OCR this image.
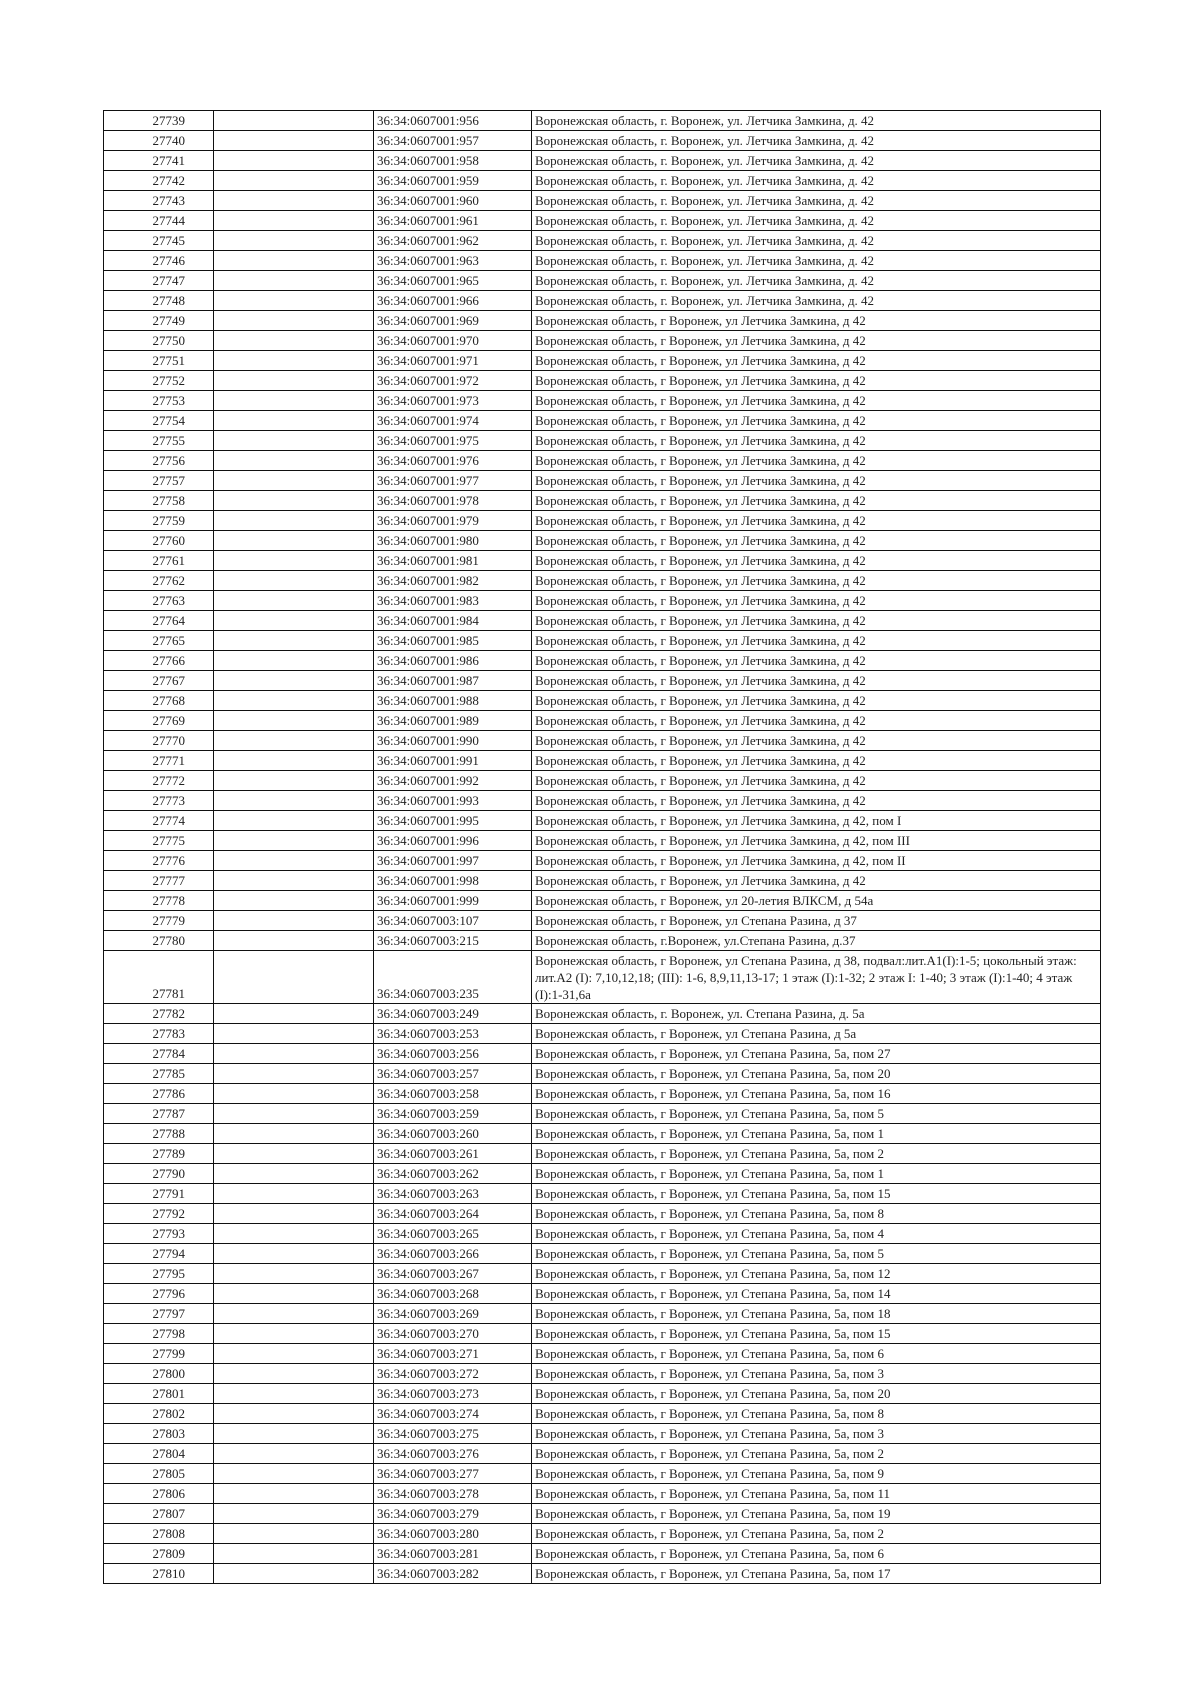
27739		36:34:0607001:956	Воронежская область, г. Воронеж, ул. Летчика Замкина, д. 42
27740		36:34:0607001:957	Воронежская область, г. Воронеж, ул. Летчика Замкина, д. 42
27741		36:34:0607001:958	Воронежская область, г. Воронеж, ул. Летчика Замкина, д. 42
27742		36:34:0607001:959	Воронежская область, г. Воронеж, ул. Летчика Замкина, д. 42
27743		36:34:0607001:960	Воронежская область, г. Воронеж, ул. Летчика Замкина, д. 42
27744		36:34:0607001:961	Воронежская область, г. Воронеж, ул. Летчика Замкина, д. 42
27745		36:34:0607001:962	Воронежская область, г. Воронеж, ул. Летчика Замкина, д. 42
27746		36:34:0607001:963	Воронежская область, г. Воронеж, ул. Летчика Замкина, д. 42
27747		36:34:0607001:965	Воронежская область, г. Воронеж, ул. Летчика Замкина, д. 42
27748		36:34:0607001:966	Воронежская область, г. Воронеж, ул. Летчика Замкина, д. 42
27749		36:34:0607001:969	Воронежская область, г Воронеж, ул Летчика Замкина, д 42
27750		36:34:0607001:970	Воронежская область, г Воронеж, ул Летчика Замкина, д 42
27751		36:34:0607001:971	Воронежская область, г Воронеж, ул Летчика Замкина, д 42
27752		36:34:0607001:972	Воронежская область, г Воронеж, ул Летчика Замкина, д 42
27753		36:34:0607001:973	Воронежская область, г Воронеж, ул Летчика Замкина, д 42
27754		36:34:0607001:974	Воронежская область, г Воронеж, ул Летчика Замкина, д 42
27755		36:34:0607001:975	Воронежская область, г Воронеж, ул Летчика Замкина, д 42
27756		36:34:0607001:976	Воронежская область, г Воронеж, ул Летчика Замкина, д 42
27757		36:34:0607001:977	Воронежская область, г Воронеж, ул Летчика Замкина, д 42
27758		36:34:0607001:978	Воронежская область, г Воронеж, ул Летчика Замкина, д 42
27759		36:34:0607001:979	Воронежская область, г Воронеж, ул Летчика Замкина, д 42
27760		36:34:0607001:980	Воронежская область, г Воронеж, ул Летчика Замкина, д 42
27761		36:34:0607001:981	Воронежская область, г Воронеж, ул Летчика Замкина, д 42
27762		36:34:0607001:982	Воронежская область, г Воронеж, ул Летчика Замкина, д 42
27763		36:34:0607001:983	Воронежская область, г Воронеж, ул Летчика Замкина, д 42
27764		36:34:0607001:984	Воронежская область, г Воронеж, ул Летчика Замкина, д 42
27765		36:34:0607001:985	Воронежская область, г Воронеж, ул Летчика Замкина, д 42
27766		36:34:0607001:986	Воронежская область, г Воронеж, ул Летчика Замкина, д 42
27767		36:34:0607001:987	Воронежская область, г Воронеж, ул Летчика Замкина, д 42
27768		36:34:0607001:988	Воронежская область, г Воронеж, ул Летчика Замкина, д 42
27769		36:34:0607001:989	Воронежская область, г Воронеж, ул Летчика Замкина, д 42
27770		36:34:0607001:990	Воронежская область, г Воронеж, ул Летчика Замкина, д 42
27771		36:34:0607001:991	Воронежская область, г Воронеж, ул Летчика Замкина, д 42
27772		36:34:0607001:992	Воронежская область, г Воронеж, ул Летчика Замкина, д 42
27773		36:34:0607001:993	Воронежская область, г Воронеж, ул Летчика Замкина, д 42
27774		36:34:0607001:995	Воронежская область, г Воронеж, ул Летчика Замкина, д 42, пом I
27775		36:34:0607001:996	Воронежская область, г Воронеж, ул Летчика Замкина, д 42, пом III
27776		36:34:0607001:997	Воронежская область, г Воронеж, ул Летчика Замкина, д 42, пом II
27777		36:34:0607001:998	Воронежская область, г Воронеж, ул Летчика Замкина, д 42
27778		36:34:0607001:999	Воронежская область, г Воронеж, ул 20-летия ВЛКСМ, д 54а
27779		36:34:0607003:107	Воронежская область, г Воронеж, ул Степана Разина, д 37
27780		36:34:0607003:215	Воронежская область, г.Воронеж, ул.Степана Разина, д.37
27781		36:34:0607003:235	Воронежская область, г Воронеж, ул Степана Разина, д 38, подвал:лит.А1(I):1-5; цокольный этаж: лит.А2 (I): 7,10,12,18; (III): 1-6, 8,9,11,13-17; 1 этаж (I):1-32; 2 этаж I: 1-40; 3 этаж (I):1-40; 4 этаж (I):1-31,6а
27782		36:34:0607003:249	Воронежская область, г. Воронеж, ул. Степана Разина, д. 5а
27783		36:34:0607003:253	Воронежская область, г Воронеж, ул Степана Разина, д 5а
27784		36:34:0607003:256	Воронежская область, г Воронеж, ул Степана Разина, 5а, пом 27
27785		36:34:0607003:257	Воронежская область, г Воронеж, ул Степана Разина, 5а, пом 20
27786		36:34:0607003:258	Воронежская область, г Воронеж, ул Степана Разина, 5а, пом 16
27787		36:34:0607003:259	Воронежская область, г Воронеж, ул Степана Разина, 5а, пом 5
27788		36:34:0607003:260	Воронежская область, г Воронеж, ул Степана Разина, 5а, пом 1
27789		36:34:0607003:261	Воронежская область, г Воронеж, ул Степана Разина, 5а, пом 2
27790		36:34:0607003:262	Воронежская область, г Воронеж, ул Степана Разина, 5а, пом 1
27791		36:34:0607003:263	Воронежская область, г Воронеж, ул Степана Разина, 5а, пом 15
27792		36:34:0607003:264	Воронежская область, г Воронеж, ул Степана Разина, 5а, пом 8
27793		36:34:0607003:265	Воронежская область, г Воронеж, ул Степана Разина, 5а, пом 4
27794		36:34:0607003:266	Воронежская область, г Воронеж, ул Степана Разина, 5а, пом 5
27795		36:34:0607003:267	Воронежская область, г Воронеж, ул Степана Разина, 5а, пом 12
27796		36:34:0607003:268	Воронежская область, г Воронеж, ул Степана Разина, 5а, пом 14
27797		36:34:0607003:269	Воронежская область, г Воронеж, ул Степана Разина, 5а, пом 18
27798		36:34:0607003:270	Воронежская область, г Воронеж, ул Степана Разина, 5а, пом 15
27799		36:34:0607003:271	Воронежская область, г Воронеж, ул Степана Разина, 5а, пом 6
27800		36:34:0607003:272	Воронежская область, г Воронеж, ул Степана Разина, 5а, пом 3
27801		36:34:0607003:273	Воронежская область, г Воронеж, ул Степана Разина, 5а, пом 20
27802		36:34:0607003:274	Воронежская область, г Воронеж, ул Степана Разина, 5а, пом 8
27803		36:34:0607003:275	Воронежская область, г Воронеж, ул Степана Разина, 5а, пом 3
27804		36:34:0607003:276	Воронежская область, г Воронеж, ул Степана Разина, 5а, пом 2
27805		36:34:0607003:277	Воронежская область, г Воронеж, ул Степана Разина, 5а, пом 9
27806		36:34:0607003:278	Воронежская область, г Воронеж, ул Степана Разина, 5а, пом 11
27807		36:34:0607003:279	Воронежская область, г Воронеж, ул Степана Разина, 5а, пом 19
27808		36:34:0607003:280	Воронежская область, г Воронеж, ул Степана Разина, 5а, пом 2
27809		36:34:0607003:281	Воронежская область, г Воронеж, ул Степана Разина, 5а, пом 6
27810		36:34:0607003:282	Воронежская область, г Воронеж, ул Степана Разина, 5а, пом 17
